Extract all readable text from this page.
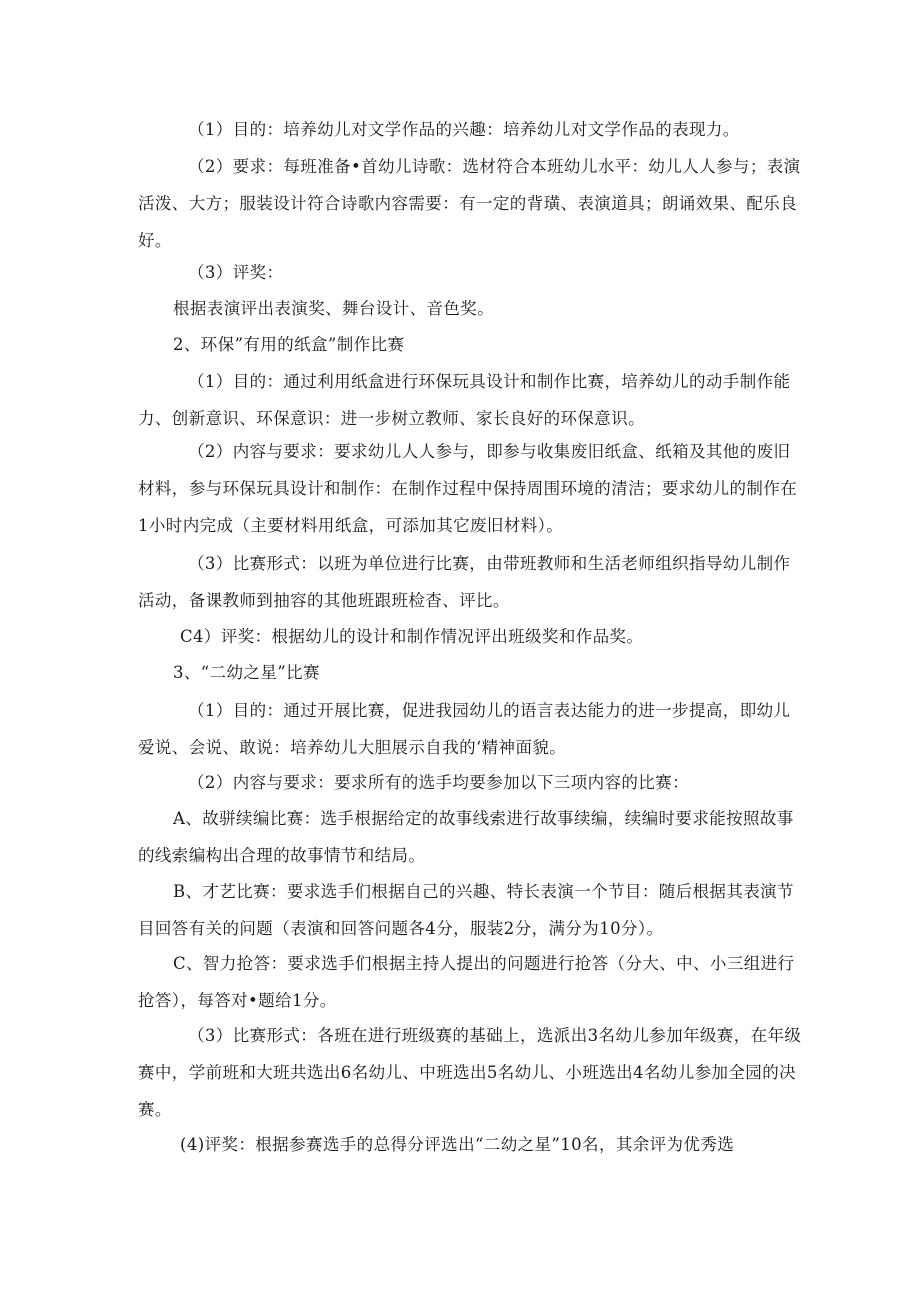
（1）目的：培养幼儿对文学作品的兴趣：培养幼儿对文学作品的表现力。

（2）要求：每班准备•首幼儿诗歌：选材符合本班幼儿水平：幼儿人人参与；表演活泼、大方；服装设计符合诗歌内容需要：有一定的背璜、表演道具；朗诵效果、配乐良好。

（3）评奖：

根据表演评出表演奖、舞台设计、音色奖。

2、环保”有用的纸盒”制作比赛

（1）目的：通过利用纸盒进行环保玩具设计和制作比赛，培养幼儿的动手制作能力、创新意识、环保意识：进一步树立教师、家长良好的环保意识。

（2）内容与要求：要求幼儿人人参与，即参与收集废旧纸盒、纸箱及其他的废旧材料，参与环保玩具设计和制作：在制作过程中保持周围环境的清洁；要求幼儿的制作在1小时内完成（主要材料用纸盒，可添加其它废旧材料）。

（3）比赛形式：以班为单位进行比赛，由带班教师和生活老师组织指导幼儿制作活动，备课教师到抽容的其他班跟班检杳、评比。

C4）评奖：根据幼儿的设计和制作情况评出班级奖和作品奖。

3、“二幼之星”比赛

（1）目的：通过开展比赛，促进我园幼儿的语言表达能力的进一步提高，即幼儿爱说、会说、敢说：培养幼儿大胆展示自我的‘精神面貌。

（2）内容与要求：要求所有的选手均要参加以下三项内容的比赛：

A、故骈续编比赛：选手根据给定的故事线索进行故事续编，续编时要求能按照故事的线索编构出合理的故事情节和结局。

B、才艺比赛：要求选手们根据自己的兴趣、特长表演一个节目：随后根据其表演节目回答有关的问题（表演和回答问题各4分，服装2分，满分为10分）。

C、智力抢答：要求选手们根据主持人提出的问题进行抢答（分大、中、小三组进行抢答），每答对•题给1分。

（3）比赛形式：各班在进行班级赛的基础上，选派出3名幼儿参加年级赛，在年级赛中，学前班和大班共选出6名幼儿、中班选出5名幼儿、小班选出4名幼儿参加全园的决赛。

(4)评奖：根据参赛选手的总得分评选出“二幼之星”10名，其余评为优秀选
